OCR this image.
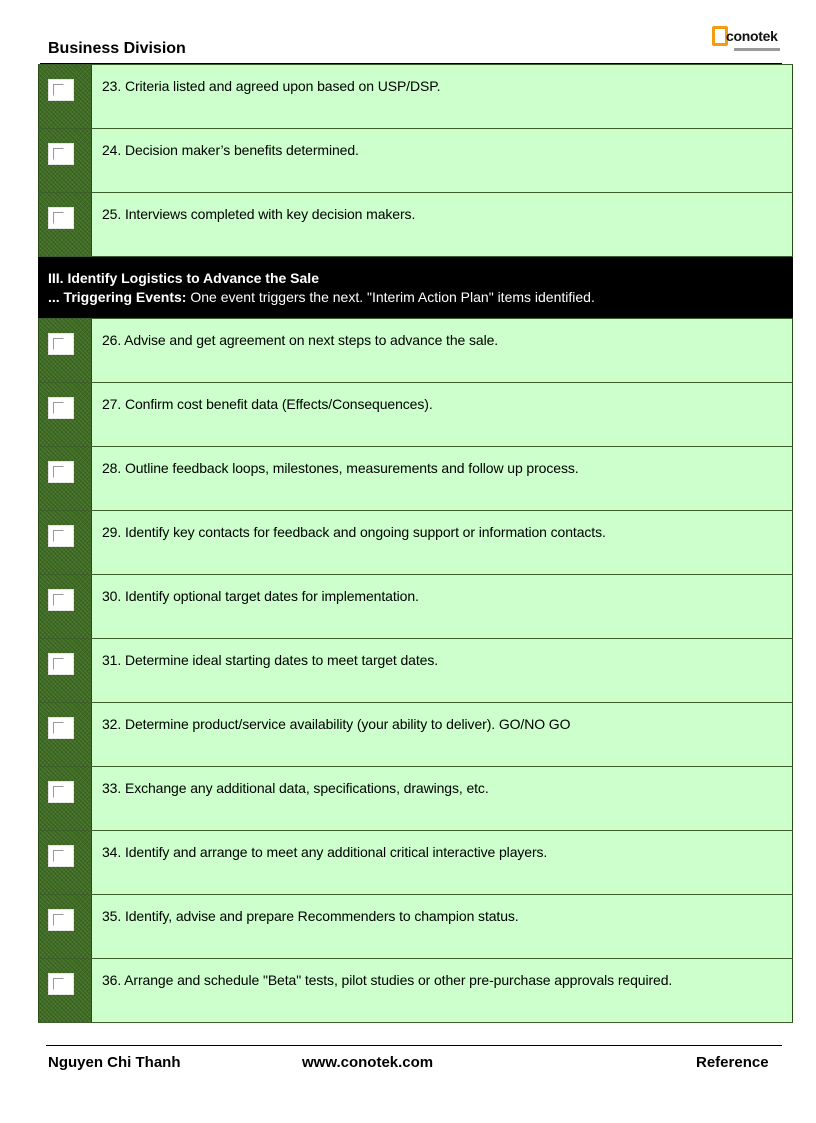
Business Division
conotek
23. Criteria listed and agreed upon based on USP/DSP.
24. Decision maker’s benefits determined.
25. Interviews completed with key decision makers.
III. Identify Logistics to Advance the Sale
... Triggering Events: One event triggers the next. "Interim Action Plan" items identified.
26. Advise and get agreement on next steps to advance the sale.
27. Confirm cost benefit data (Effects/Consequences).
28. Outline feedback loops, milestones, measurements and follow up process.
29. Identify key contacts for feedback and ongoing support or information contacts.
30. Identify optional target dates for implementation.
31. Determine ideal starting dates to meet target dates.
32. Determine product/service availability (your ability to deliver). GO/NO GO
33. Exchange any additional data, specifications, drawings, etc.
34. Identify and arrange to meet any additional critical interactive players.
35. Identify, advise and prepare Recommenders to champion status.
36. Arrange and schedule "Beta" tests, pilot studies or other pre-purchase approvals required.
Nguyen Chi Thanh	www.conotek.com	Reference
